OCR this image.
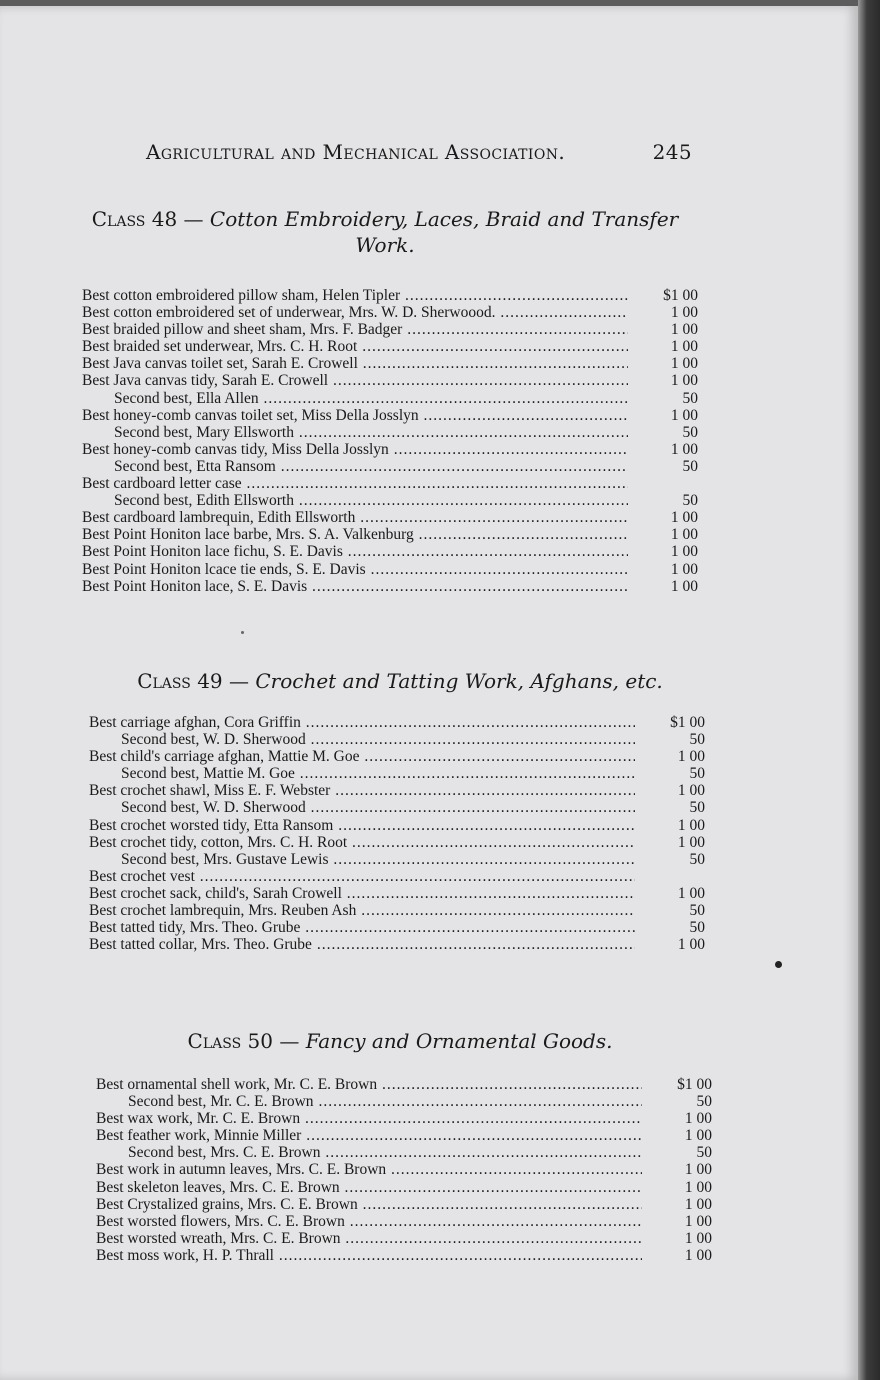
Agricultural and Mechanical Association.	245
Class 48 — Cotton Embroidery, Laces, Braid and Transfer Work.
Best cotton embroidered pillow sham, Helen Tipler .....	$1 00
Best cotton embroidered set of underwear, Mrs. W. D. Sherwoood. .....	1 00
Best braided pillow and sheet sham, Mrs. F. Badger .....	1 00
Best braided set underwear, Mrs. C. H. Root .....	1 00
Best Java canvas toilet set, Sarah E. Crowell .....	1 00
Best Java canvas tidy, Sarah E. Crowell .....	1 00
Second best, Ella Allen .....	50
Best honey-comb canvas toilet set, Miss Della Josslyn .....	1 00
Second best, Mary Ellsworth .....	50
Best honey-comb canvas tidy, Miss Della Josslyn .....	1 00
Second best, Etta Ransom .....	50
Best cardboard letter case .....
Second best, Edith Ellsworth .....	50
Best cardboard lambrequin, Edith Ellsworth .....	1 00
Best Point Honiton lace barbe, Mrs. S. A. Valkenburg .....	1 00
Best Point Honiton lace fichu, S. E. Davis .....	1 00
Best Point Honiton lcace tie ends, S. E. Davis .....	1 00
Best Point Honiton lace, S. E. Davis .....	1 00
Class 49 — Crochet and Tatting Work, Afghans, etc.
Best carriage afghan, Cora Griffin .....	$1 00
Second best, W. D. Sherwood .....	50
Best child's carriage afghan, Mattie M. Goe .....	1 00
Second best, Mattie M. Goe .....	50
Best crochet shawl, Miss E. F. Webster .....	1 00
Second best, W. D. Sherwood .....	50
Best crochet worsted tidy, Etta Ransom .....	1 00
Best crochet tidy, cotton, Mrs. C. H. Root .....	1 00
Second best, Mrs. Gustave Lewis .....	50
Best crochet vest .....
Best crochet sack, child's, Sarah Crowell .....	1 00
Best crochet lambrequin, Mrs. Reuben Ash .....	50
Best tatted tidy, Mrs. Theo. Grube .....	50
Best tatted collar, Mrs. Theo. Grube .....	1 00
Class 50 — Fancy and Ornamental Goods.
Best ornamental shell work, Mr. C. E. Brown .....	$1 00
Second best, Mr. C. E. Brown .....	50
Best wax work, Mr. C. E. Brown .....	1 00
Best feather work, Minnie Miller .....	1 00
Second best, Mrs. C. E. Brown .....	50
Best work in autumn leaves, Mrs. C. E. Brown .....	1 00
Best skeleton leaves, Mrs. C. E. Brown .....	1 00
Best Crystalized grains, Mrs. C. E. Brown .....	1 00
Best worsted flowers, Mrs. C. E. Brown .....	1 00
Best worsted wreath, Mrs. C. E. Brown .....	1 00
Best moss work, H. P. Thrall .....	1 00
